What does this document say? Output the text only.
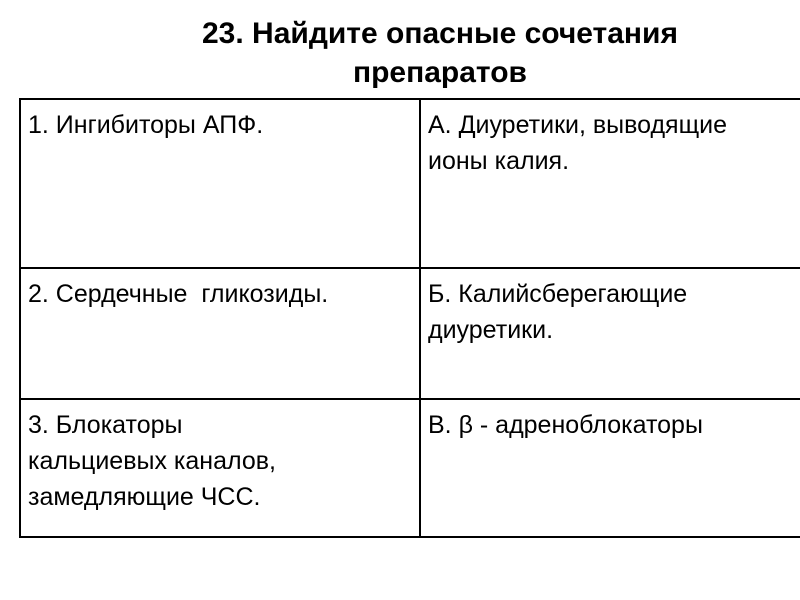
23. Найдите опасные сочетания
препаратов
1. Ингибиторы АПФ.	А. Диуретики, выводящие
ионы калия.
2. Сердечные  гликозиды.	Б. Калийсберегающие
диуретики.
3. Блокаторы
кальциевых каналов,
замедляющие ЧСС.	В. β - адреноблокаторы
